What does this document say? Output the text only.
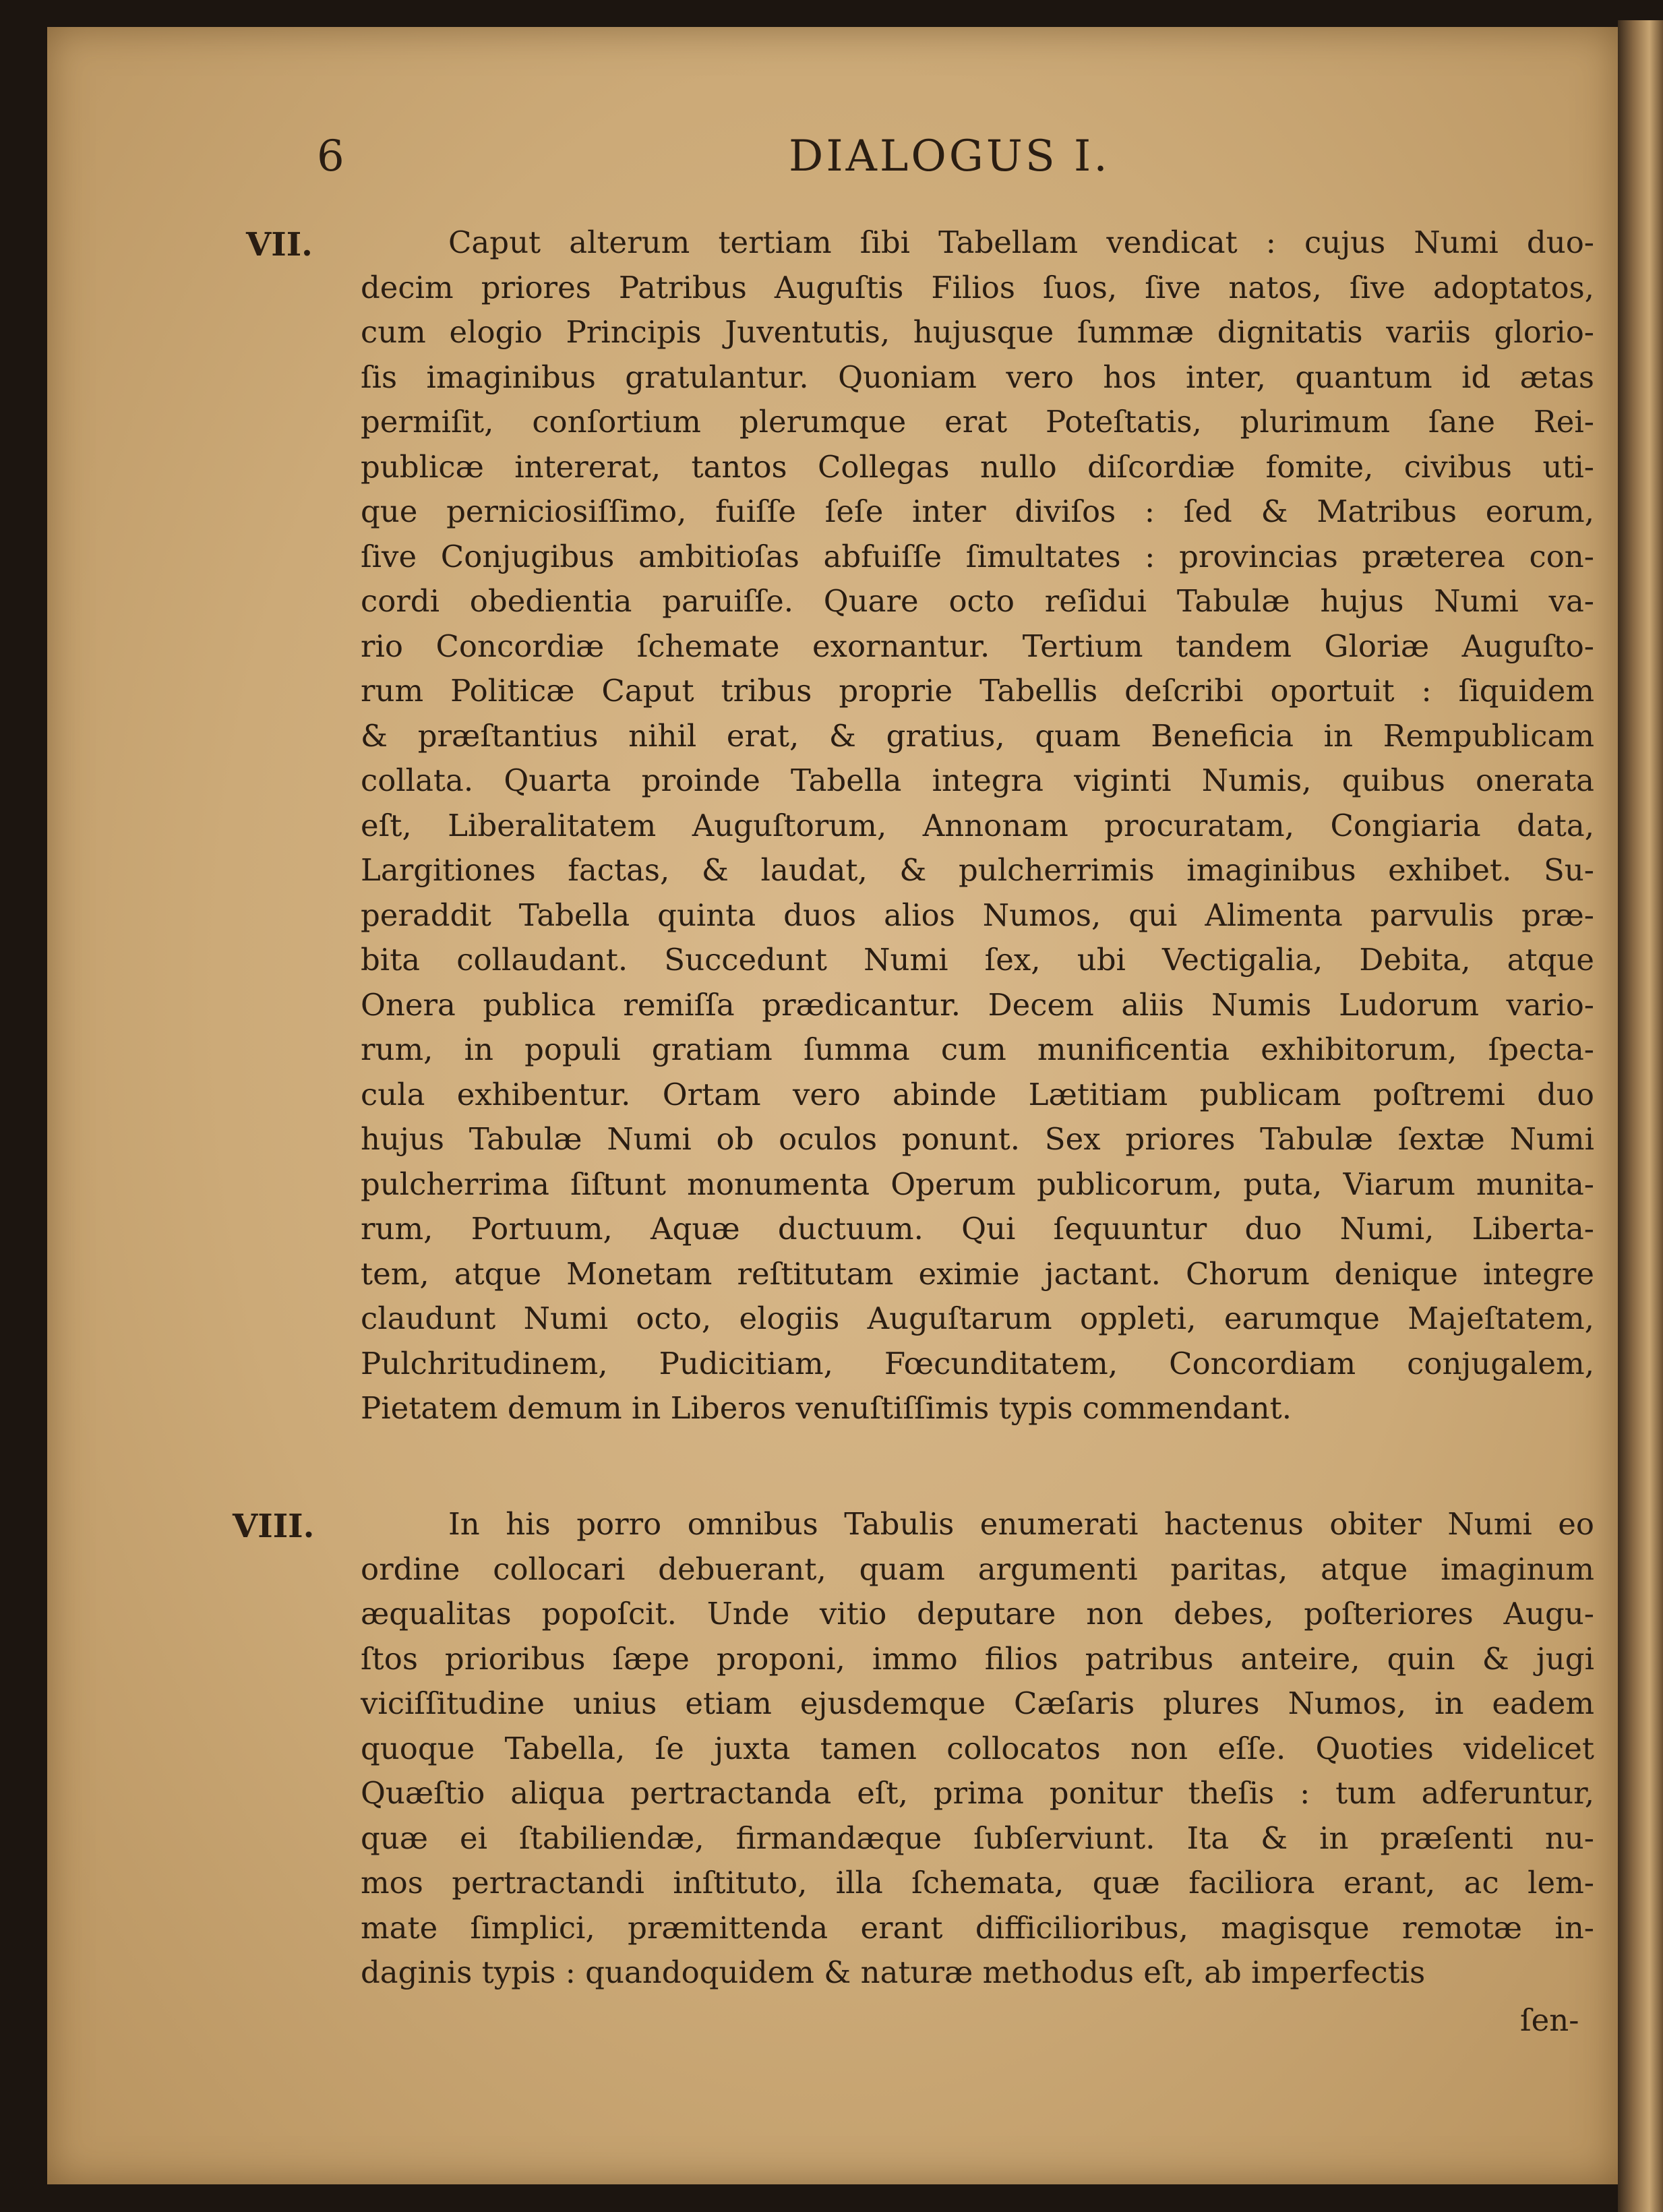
6	DIALOGUS I.
VII.	Caput alterum tertiam ſibi Tabellam vendicat : cujus Numi duo-
decim priores Patribus Auguſtis Filios ſuos, ſive natos, ſive adoptatos,
cum elogio Principis Juventutis, hujusque ſummæ dignitatis variis glorio-
ſis imaginibus gratulantur. Quoniam vero hos inter, quantum id ætas
permiſit, conſortium plerumque erat Poteſtatis, plurimum ſane Rei-
publicæ intererat, tantos Collegas nullo diſcordiæ fomite, civibus uti-
que perniciosiſſimo, fuiſſe ſeſe inter diviſos : ſed & Matribus eorum,
ſive Conjugibus ambitioſas abfuiſſe ſimultates : provincias præterea con-
cordi obedientia paruiſſe. Quare octo reſidui Tabulæ hujus Numi va-
rio Concordiæ ſchemate exornantur. Tertium tandem Gloriæ Auguſto-
rum Politicæ Caput tribus proprie Tabellis deſcribi oportuit : ſiquidem
& præſtantius nihil erat, & gratius, quam Beneficia in Rempublicam
collata. Quarta proinde Tabella integra viginti Numis, quibus onerata
eſt, Liberalitatem Auguſtorum, Annonam procuratam, Congiaria data,
Largitiones factas, & laudat, & pulcherrimis imaginibus exhibet. Su-
peraddit Tabella quinta duos alios Numos, qui Alimenta parvulis præ-
bita collaudant. Succedunt Numi ſex, ubi Vectigalia, Debita, atque
Onera publica remiſſa prædicantur. Decem aliis Numis Ludorum vario-
rum, in populi gratiam ſumma cum munificentia exhibitorum, ſpecta-
cula exhibentur. Ortam vero abinde Lætitiam publicam poſtremi duo
hujus Tabulæ Numi ob oculos ponunt. Sex priores Tabulæ ſextæ Numi
pulcherrima ſiſtunt monumenta Operum publicorum, puta, Viarum munita-
rum, Portuum, Aquæ ductuum. Qui ſequuntur duo Numi, Liberta-
tem, atque Monetam reſtitutam eximie jactant. Chorum denique integre
claudunt Numi octo, elogiis Auguſtarum oppleti, earumque Majeſtatem,
Pulchritudinem, Pudicitiam, Fœcunditatem, Concordiam conjugalem,
Pietatem demum in Liberos venuſtiſſimis typis commendant.
VIII.	In his porro omnibus Tabulis enumerati hactenus obiter Numi eo
ordine collocari debuerant, quam argumenti paritas, atque imaginum
æqualitas popoſcit. Unde vitio deputare non debes, poſteriores Augu-
ſtos prioribus ſæpe proponi, immo filios patribus anteire, quin & jugi
viciſſitudine unius etiam ejusdemque Cæſaris plures Numos, in eadem
quoque Tabella, ſe juxta tamen collocatos non eſſe. Quoties videlicet
Quæſtio aliqua pertractanda eſt, prima ponitur theſis : tum adferuntur,
quæ ei ſtabiliendæ, firmandæque ſubſerviunt. Ita & in præſenti nu-
mos pertractandi inſtituto, illa ſchemata, quæ faciliora erant, ac lem-
mate ſimplici, præmittenda erant difficilioribus, magisque remotæ in-
daginis typis : quandoquidem & naturæ methodus eſt, ab imperfectis
ſen-
